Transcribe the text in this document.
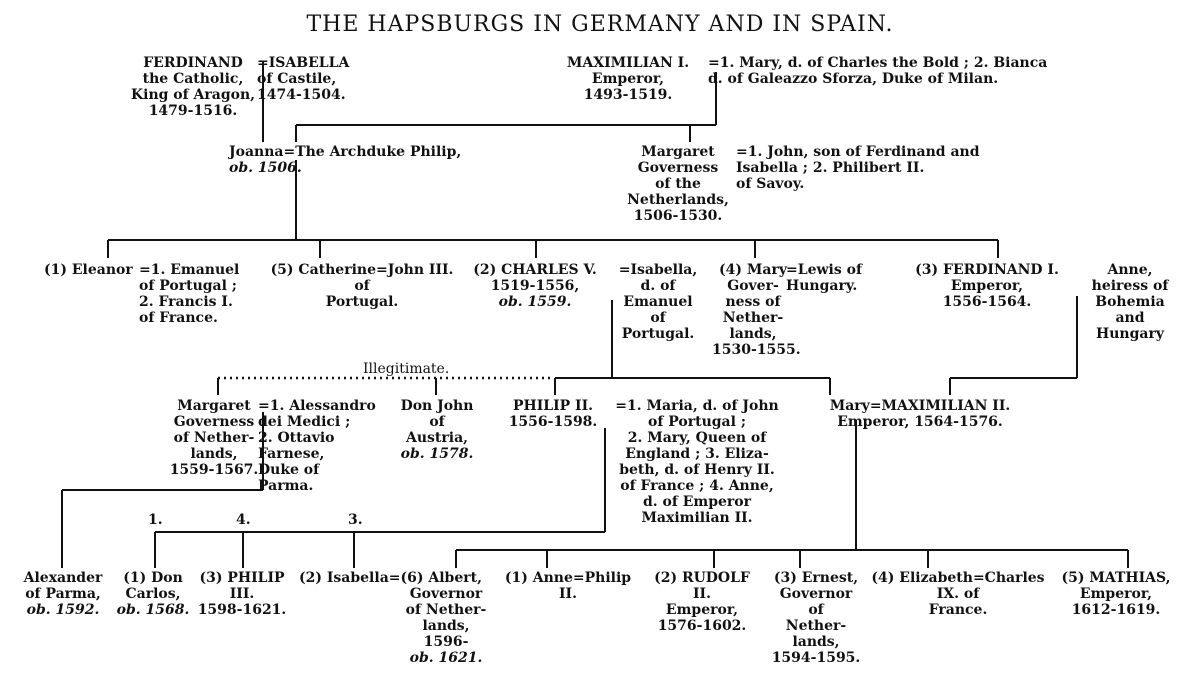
THE HAPSBURGS IN GERMANY AND IN SPAIN.
Illegitimate.
FERDINAND
the Catholic,
King of Aragon,
1479-1516.
=ISABELLA
of Castile,
1474-1504.
MAXIMILIAN I.
Emperor,
1493-1519.
=1. Mary, d. of Charles the Bold ; 2. Bianca
d. of Galeazzo Sforza, Duke of Milan.
Joanna=The Archduke Philip,
ob. 1506.
Margaret
Governess
of the
Netherlands,
1506-1530.
=1. John, son of Ferdinand and
Isabella ; 2. Philibert II.
of Savoy.
(1) Eleanor =1. Emanuel
of Portugal ;
2. Francis I.
of France.
(5) Catherine=John III.
of
Portugal.
(2) CHARLES V.
1519-1556,
ob. 1559.
=Isabella,
d. of
Emanuel
of
Portugal.
(4) Mary
Gover-
ness of
Nether-
lands,
1530-1555.
=Lewis of
Hungary.
(3) FERDINAND I.
Emperor,
1556-1564.
Anne,
heiress of
Bohemia
and
Hungary
Margaret
Governess
of Nether-
lands,
1559-1567.
=1. Alessandro
dei Medici ;
2. Ottavio
Farnese,
Duke of
Parma.
Don John
of
Austria,
ob. 1578.
PHILIP II.
1556-1598.
=1. Maria, d. of John
of Portugal ;
2. Mary, Queen of
England ; 3. Eliza-
beth, d. of Henry II.
of France ; 4. Anne,
d. of Emperor
Maximilian II.
Mary=MAXIMILIAN II.
Emperor, 1564-1576.
1.	4.	3.
Alexander
of Parma,
ob. 1592.
(1) Don
Carlos,
ob. 1568.
(3) PHILIP
III.
1598-1621.
(2) Isabella=(6) Albert,
Governor
of Nether-
lands,
1596-
ob. 1621.
(1) Anne=Philip
II.
(2) RUDOLF
II.
Emperor,
1576-1602.
(3) Ernest,
Governor
of
Nether-
lands,
1594-1595.
(4) Elizabeth=Charles
IX. of
France.
(5) MATHIAS,
Emperor,
1612-1619.
